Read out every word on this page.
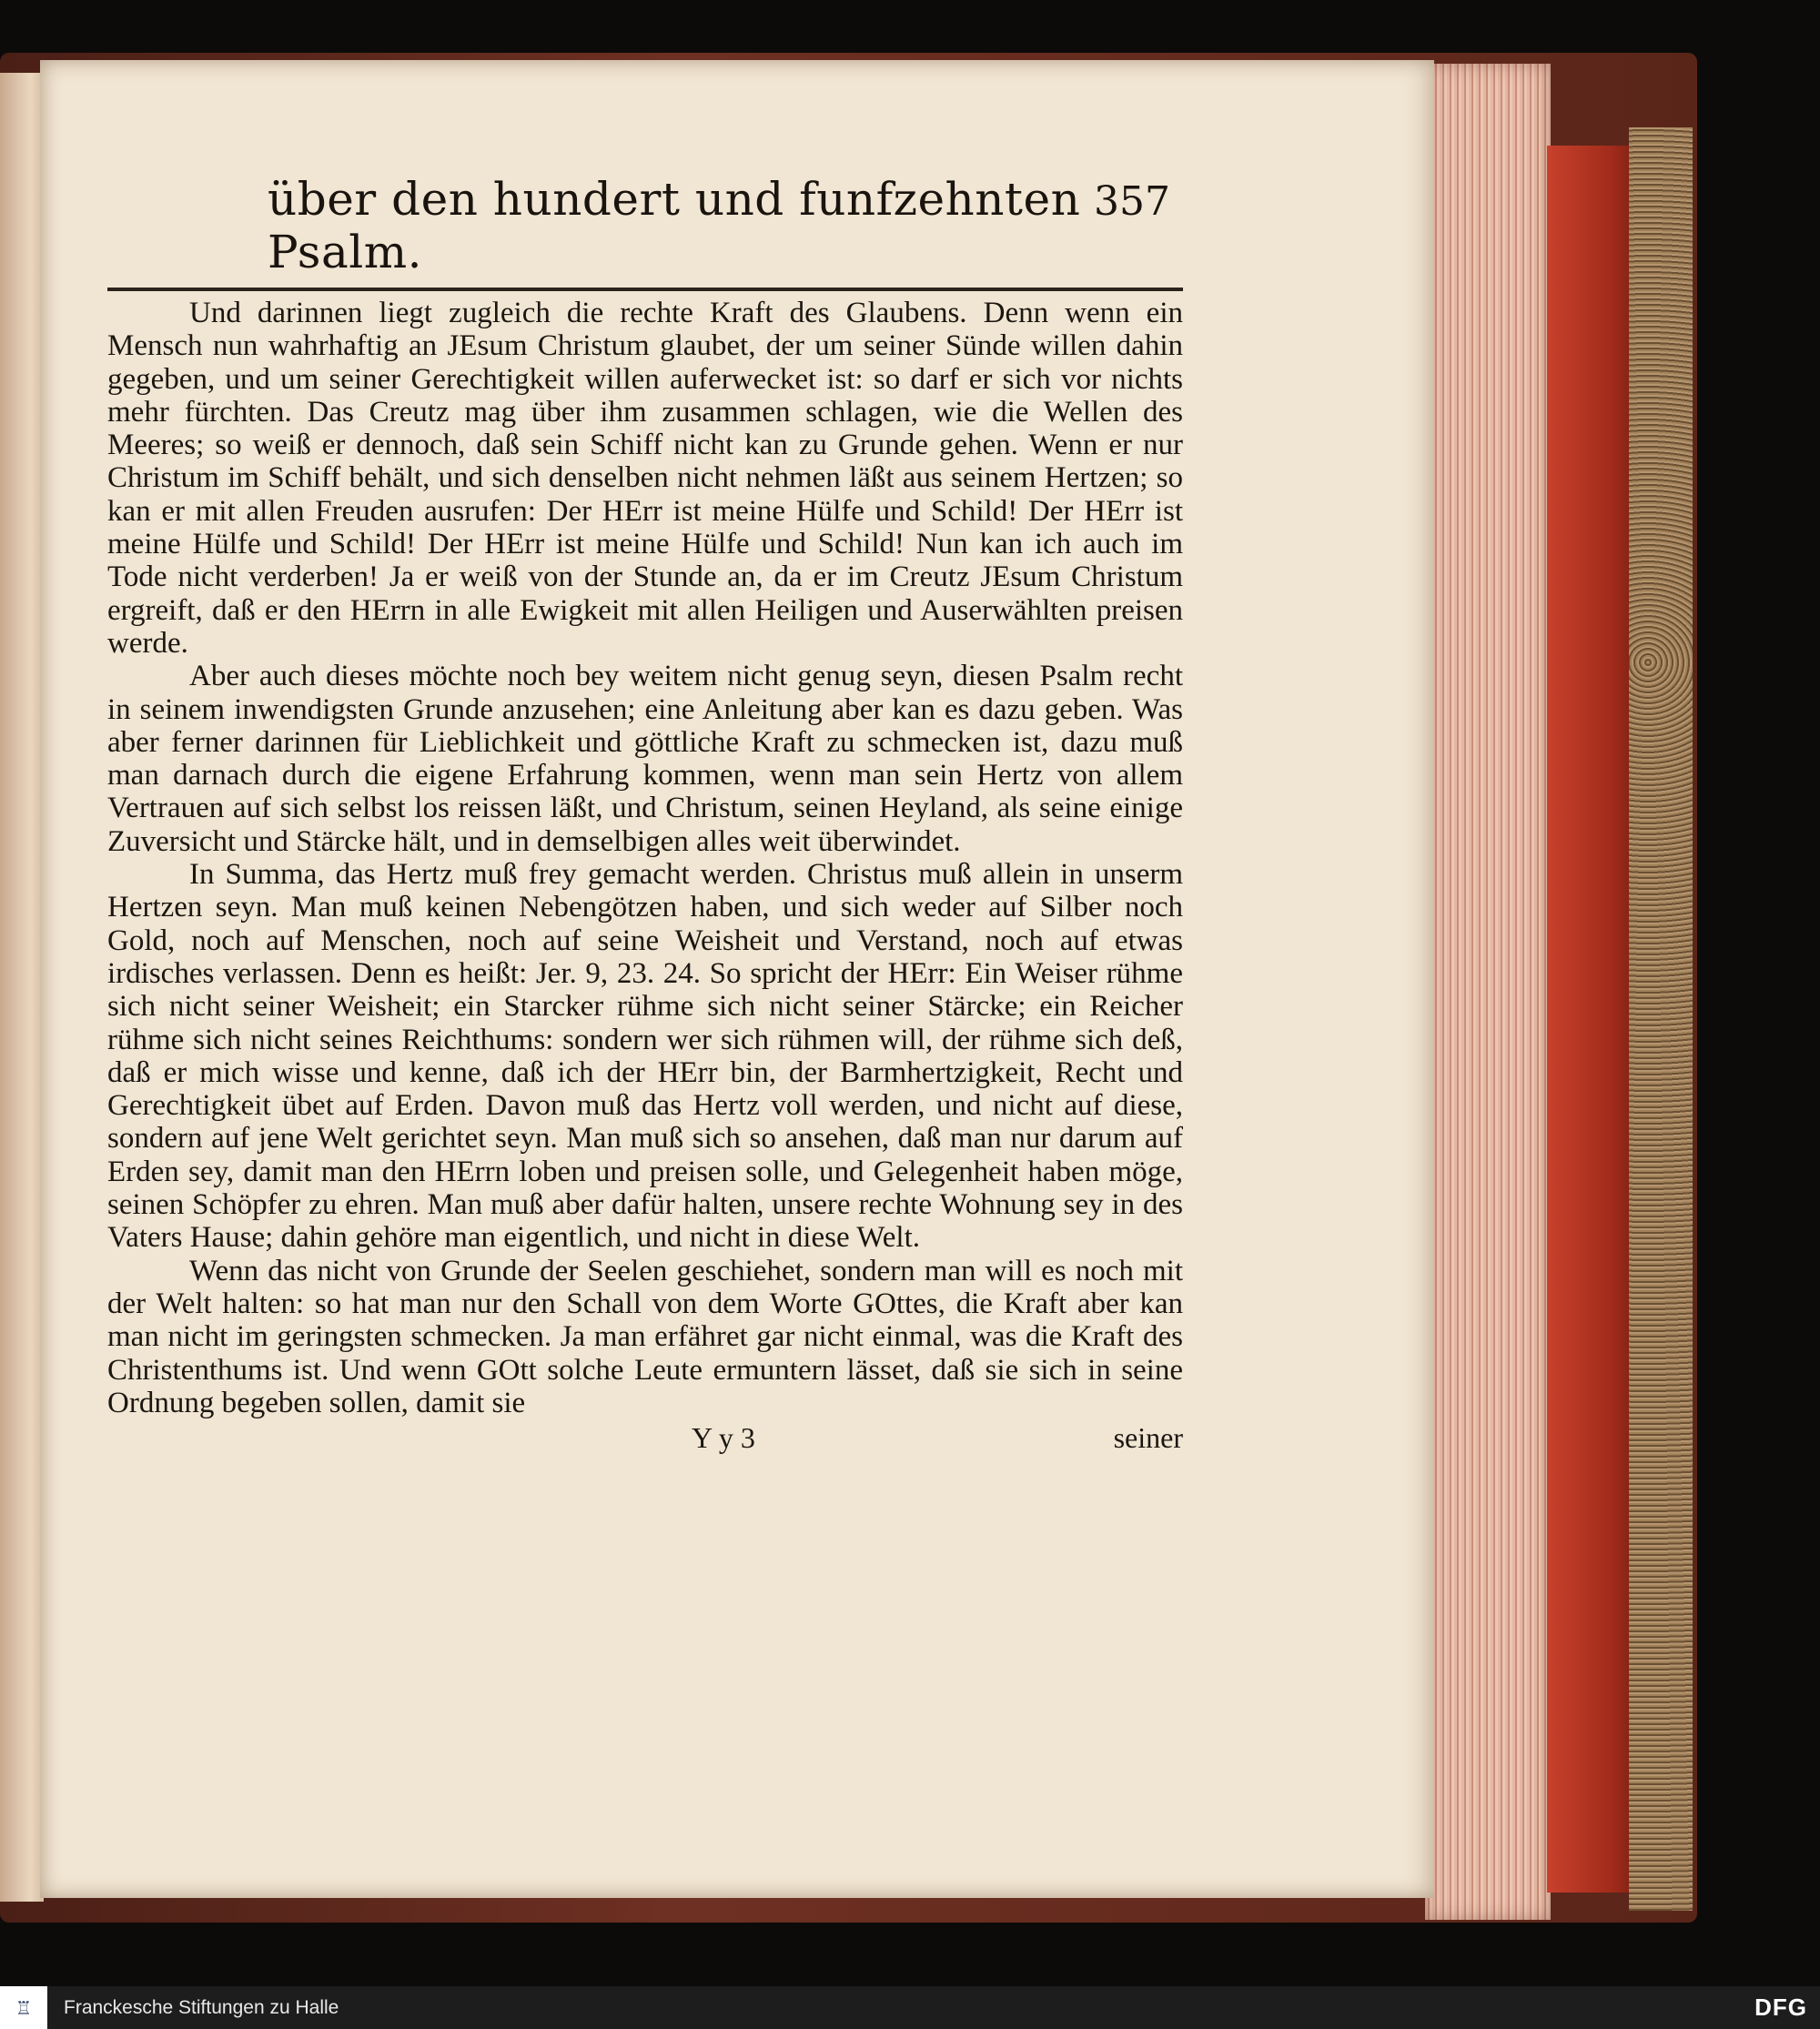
über den hundert und funfzehnten Psalm.
357

Und darinnen liegt zugleich die rechte Kraft des Glaubens. Denn wenn ein Mensch nun wahrhaftig an JEsum Christum glaubet, der um seiner Sünde willen dahin gegeben, und um seiner Gerechtigkeit willen auferwecket ist: so darf er sich vor nichts mehr fürchten. Das Creutz mag über ihm zusammen schlagen, wie die Wellen des Meeres; so weiß er dennoch, daß sein Schiff nicht kan zu Grunde gehen. Wenn er nur Christum im Schiff behält, und sich denselben nicht nehmen läßt aus seinem Hertzen; so kan er mit allen Freuden ausrufen: Der HErr ist meine Hülfe und Schild! Der HErr ist meine Hülfe und Schild! Der HErr ist meine Hülfe und Schild! Nun kan ich auch im Tode nicht verderben! Ja er weiß von der Stunde an, da er im Creutz JEsum Christum ergreift, daß er den HErrn in alle Ewigkeit mit allen Heiligen und Auserwählten preisen werde.

Aber auch dieses möchte noch bey weitem nicht genug seyn, diesen Psalm recht in seinem inwendigsten Grunde anzusehen; eine Anleitung aber kan es dazu geben. Was aber ferner darinnen für Lieblichkeit und göttliche Kraft zu schmecken ist, dazu muß man darnach durch die eigene Erfahrung kommen, wenn man sein Hertz von allem Vertrauen auf sich selbst los reissen läßt, und Christum, seinen Heyland, als seine einige Zuversicht und Stärcke hält, und in demselbigen alles weit überwindet.

In Summa, das Hertz muß frey gemacht werden. Christus muß allein in unserm Hertzen seyn. Man muß keinen Nebengötzen haben, und sich weder auf Silber noch Gold, noch auf Menschen, noch auf seine Weisheit und Verstand, noch auf etwas irdisches verlassen. Denn es heißt: Jer. 9, 23. 24. So spricht der HErr: Ein Weiser rühme sich nicht seiner Weisheit; ein Starcker rühme sich nicht seiner Stärcke; ein Reicher rühme sich nicht seines Reichthums: sondern wer sich rühmen will, der rühme sich deß, daß er mich wisse und kenne, daß ich der HErr bin, der Barmhertzigkeit, Recht und Gerechtigkeit übet auf Erden. Davon muß das Hertz voll werden, und nicht auf diese, sondern auf jene Welt gerichtet seyn. Man muß sich so ansehen, daß man nur darum auf Erden sey, damit man den HErrn loben und preisen solle, und Gelegenheit haben möge, seinen Schöpfer zu ehren. Man muß aber dafür halten, unsere rechte Wohnung sey in des Vaters Hause; dahin gehöre man eigentlich, und nicht in diese Welt.

Wenn das nicht von Grunde der Seelen geschiehet, sondern man will es noch mit der Welt halten: so hat man nur den Schall von dem Worte GOttes, die Kraft aber kan man nicht im geringsten schmecken. Ja man erfähret gar nicht einmal, was die Kraft des Christenthums ist. Und wenn GOtt solche Leute ermuntern lässet, daß sie sich in seine Ordnung begeben sollen, damit sie

Y y 3	seiner
♖	Franckesche Stiftungen zu Halle	DFG
